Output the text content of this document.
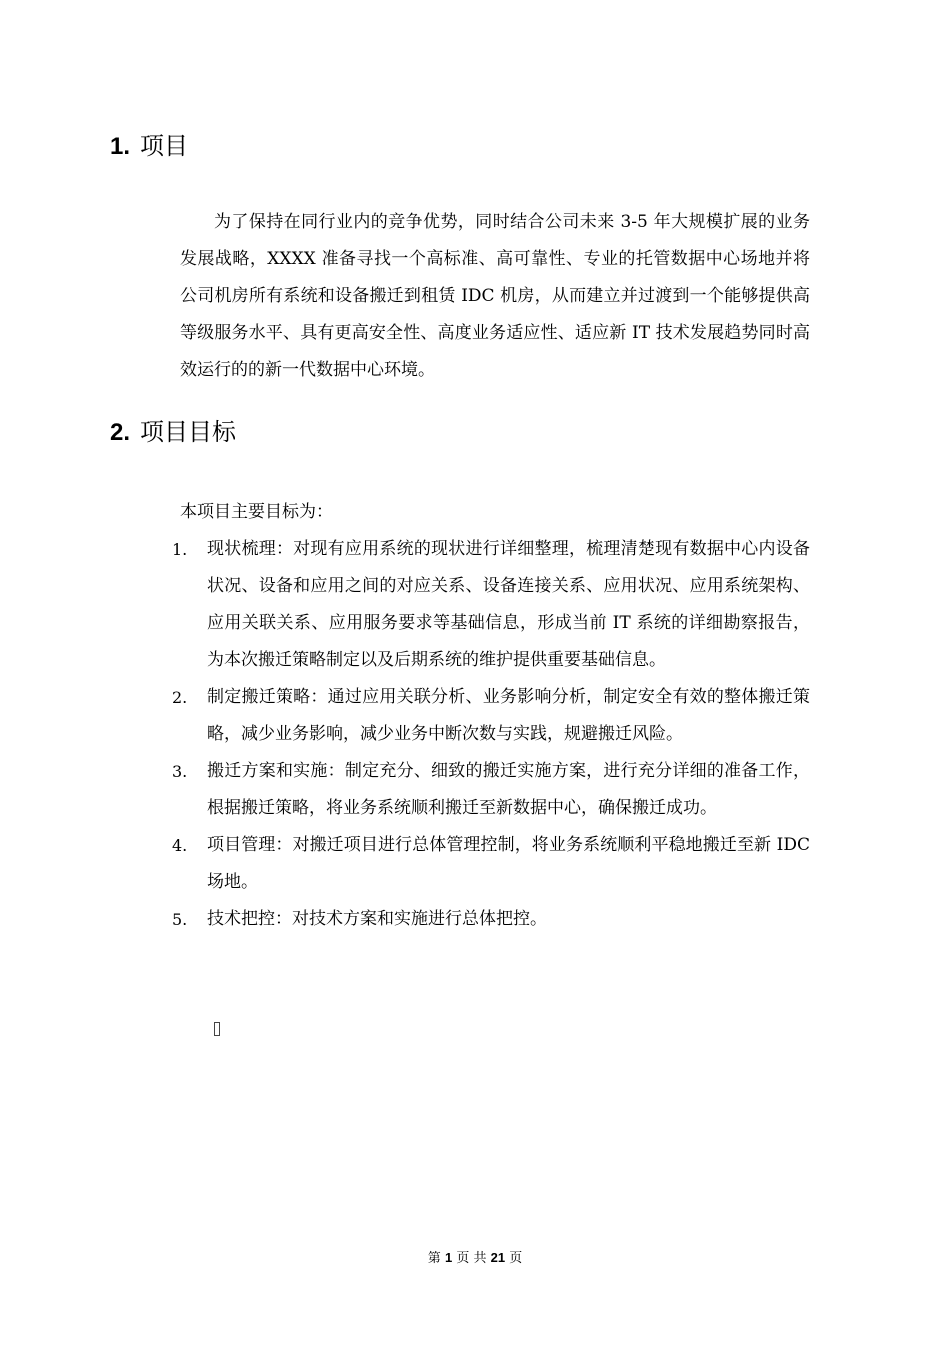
1. 项目

为了保持在同行业内的竞争优势，同时结合公司未来 3-5 年大规模扩展的业务发展战略，XXXX 准备寻找一个高标准、高可靠性、专业的托管数据中心场地并将公司机房所有系统和设备搬迁到租赁 IDC 机房，从而建立并过渡到一个能够提供高等级服务水平、具有更高安全性、高度业务适应性、适应新 IT 技术发展趋势同时高效运行的的新一代数据中心环境。

2. 项目目标

本项目主要目标为：

1. 现状梳理：对现有应用系统的现状进行详细整理，梳理清楚现有数据中心内设备状况、设备和应用之间的对应关系、设备连接关系、应用状况、应用系统架构、应用关联关系、应用服务要求等基础信息，形成当前 IT 系统的详细勘察报告，为本次搬迁策略制定以及后期系统的维护提供重要基础信息。
2. 制定搬迁策略：通过应用关联分析、业务影响分析，制定安全有效的整体搬迁策略，减少业务影响，减少业务中断次数与实践，规避搬迁风险。
3. 搬迁方案和实施：制定充分、细致的搬迁实施方案，进行充分详细的准备工作，根据搬迁策略，将业务系统顺利搬迁至新数据中心，确保搬迁成功。
4. 项目管理：对搬迁项目进行总体管理控制，将业务系统顺利平稳地搬迁至新 IDC 场地。
5. 技术把控：对技术方案和实施进行总体把控。
第 1 页 共 21 页
